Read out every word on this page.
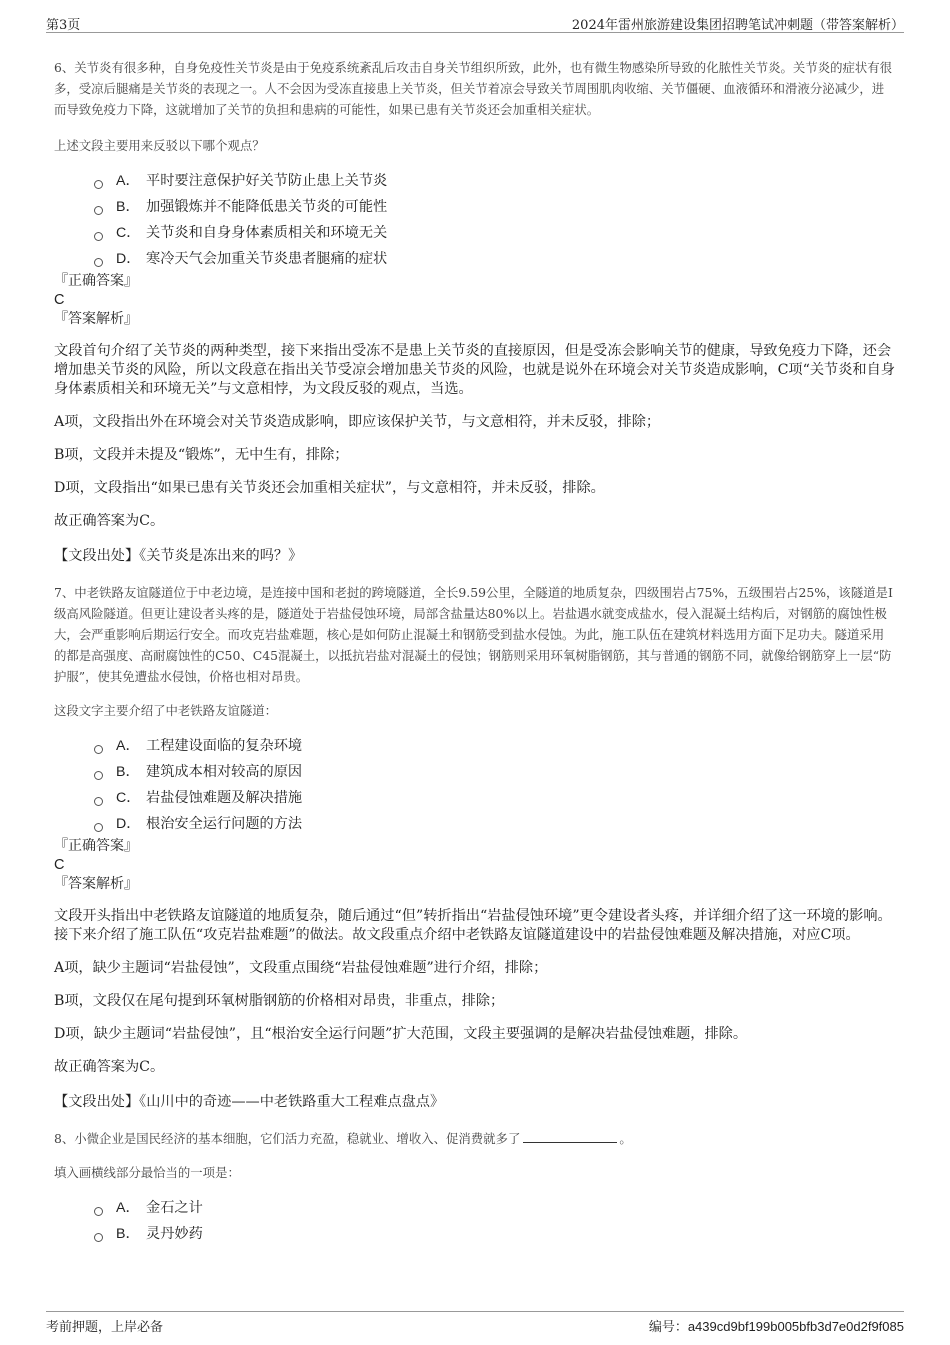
第3页	2024年雷州旅游建设集团招聘笔试冲刺题（带答案解析）

6、关节炎有很多种，自身免疫性关节炎是由于免疫系统紊乱后攻击自身关节组织所致，此外，也有微生物感染所导致的化脓性关节炎。关节炎的症状有很多，受凉后腿痛是关节炎的表现之一。人不会因为受冻直接患上关节炎，但关节着凉会导致关节周围肌肉收缩、关节僵硬、血液循环和滑液分泌减少，进而导致免疫力下降，这就增加了关节的负担和患病的可能性，如果已患有关节炎还会加重相关症状。

上述文段主要用来反驳以下哪个观点？

A． 平时要注意保护好关节防止患上关节炎
B． 加强锻炼并不能降低患关节炎的可能性
C． 关节炎和自身身体素质相关和环境无关
D． 寒冷天气会加重关节炎患者腿痛的症状

『正确答案』

C

『答案解析』

文段首句介绍了关节炎的两种类型，接下来指出受冻不是患上关节炎的直接原因，但是受冻会影响关节的健康，导致免疫力下降，还会增加患关节炎的风险，所以文段意在指出关节受凉会增加患关节炎的风险，也就是说外在环境会对关节炎造成影响，C项“关节炎和自身身体素质相关和环境无关”与文意相悖，为文段反驳的观点，当选。

A项，文段指出外在环境会对关节炎造成影响，即应该保护关节，与文意相符，并未反驳，排除；

B项，文段并未提及“锻炼”，无中生有，排除；

D项，文段指出“如果已患有关节炎还会加重相关症状”，与文意相符，并未反驳，排除。

故正确答案为C。

【文段出处】《关节炎是冻出来的吗？》

7、中老铁路友谊隧道位于中老边境，是连接中国和老挝的跨境隧道，全长9.59公里，全隧道的地质复杂，四级围岩占75%，五级围岩占25%，该隧道是I级高风险隧道。但更让建设者头疼的是，隧道处于岩盐侵蚀环境，局部含盐量达80%以上。岩盐遇水就变成盐水，侵入混凝土结构后，对钢筋的腐蚀性极大，会严重影响后期运行安全。而攻克岩盐难题，核心是如何防止混凝土和钢筋受到盐水侵蚀。为此，施工队伍在建筑材料选用方面下足功夫。隧道采用的都是高强度、高耐腐蚀性的C50、C45混凝土，以抵抗岩盐对混凝土的侵蚀；钢筋则采用环氧树脂钢筋，其与普通的钢筋不同，就像给钢筋穿上一层“防护服”，使其免遭盐水侵蚀，价格也相对昂贵。

这段文字主要介绍了中老铁路友谊隧道：

A． 工程建设面临的复杂环境
B． 建筑成本相对较高的原因
C． 岩盐侵蚀难题及解决措施
D． 根治安全运行问题的方法

『正确答案』

C

『答案解析』

文段开头指出中老铁路友谊隧道的地质复杂，随后通过“但”转折指出“岩盐侵蚀环境”更令建设者头疼，并详细介绍了这一环境的影响。接下来介绍了施工队伍“攻克岩盐难题”的做法。故文段重点介绍中老铁路友谊隧道建设中的岩盐侵蚀难题及解决措施，对应C项。

A项，缺少主题词“岩盐侵蚀”，文段重点围绕“岩盐侵蚀难题”进行介绍，排除；

B项，文段仅在尾句提到环氧树脂钢筋的价格相对昂贵，非重点，排除；

D项，缺少主题词“岩盐侵蚀”，且“根治安全运行问题”扩大范围，文段主要强调的是解决岩盐侵蚀难题，排除。

故正确答案为C。

【文段出处】《山川中的奇迹——中老铁路重大工程难点盘点》

8、小微企业是国民经济的基本细胞，它们活力充盈，稳就业、增收入、促消费就多了	。

填入画横线部分最恰当的一项是：

A． 金石之计
B． 灵丹妙药
考前押题，上岸必备	编号：a439cd9bf199b005bfb3d7e0d2f9f085
